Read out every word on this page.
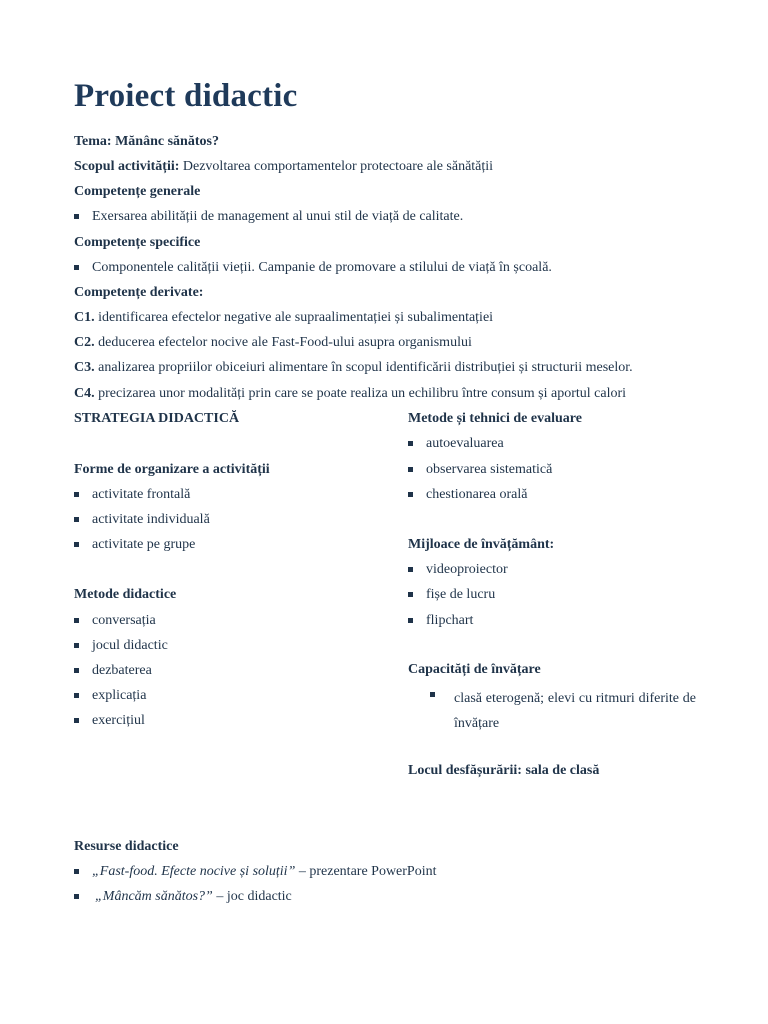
Proiect didactic
Tema: Mănânc sănătos?
Scopul activității: Dezvoltarea comportamentelor protectoare ale sănătății
Competențe generale
Exersarea abilității de management al unui stil de viață de calitate.
Competențe specifice
Componentele calității vieții. Campanie de promovare a stilului de viață în școală.
Competențe derivate:
C1. identificarea efectelor negative ale supraalimentației și subalimentației
C2. deducerea efectelor nocive ale Fast-Food-ului asupra organismului
C3. analizarea propriilor obiceiuri alimentare în scopul identificării distribuției și structurii meselor.
C4. precizarea unor modalități prin care se poate realiza un echilibru între consum și aportul calori
STRATEGIA DIDACTICĂ
Forme de organizare a activității
activitate frontală
activitate individuală
activitate pe grupe
Metode didactice
conversația
jocul didactic
dezbaterea
explicația
exercițiul
Metode și tehnici de evaluare
autoevaluarea
observarea sistematică
chestionarea orală
Mijloace de învățământ:
videoproiector
fișe de lucru
flipchart
Capacități de învățare
clasă eterogenă; elevi cu ritmuri diferite de învățare
Locul desfășurării: sala de clasă
Resurse didactice
„Fast-food. Efecte nocive și soluții” – prezentare PowerPoint
„Mâncăm sănătos?” – joc didactic
